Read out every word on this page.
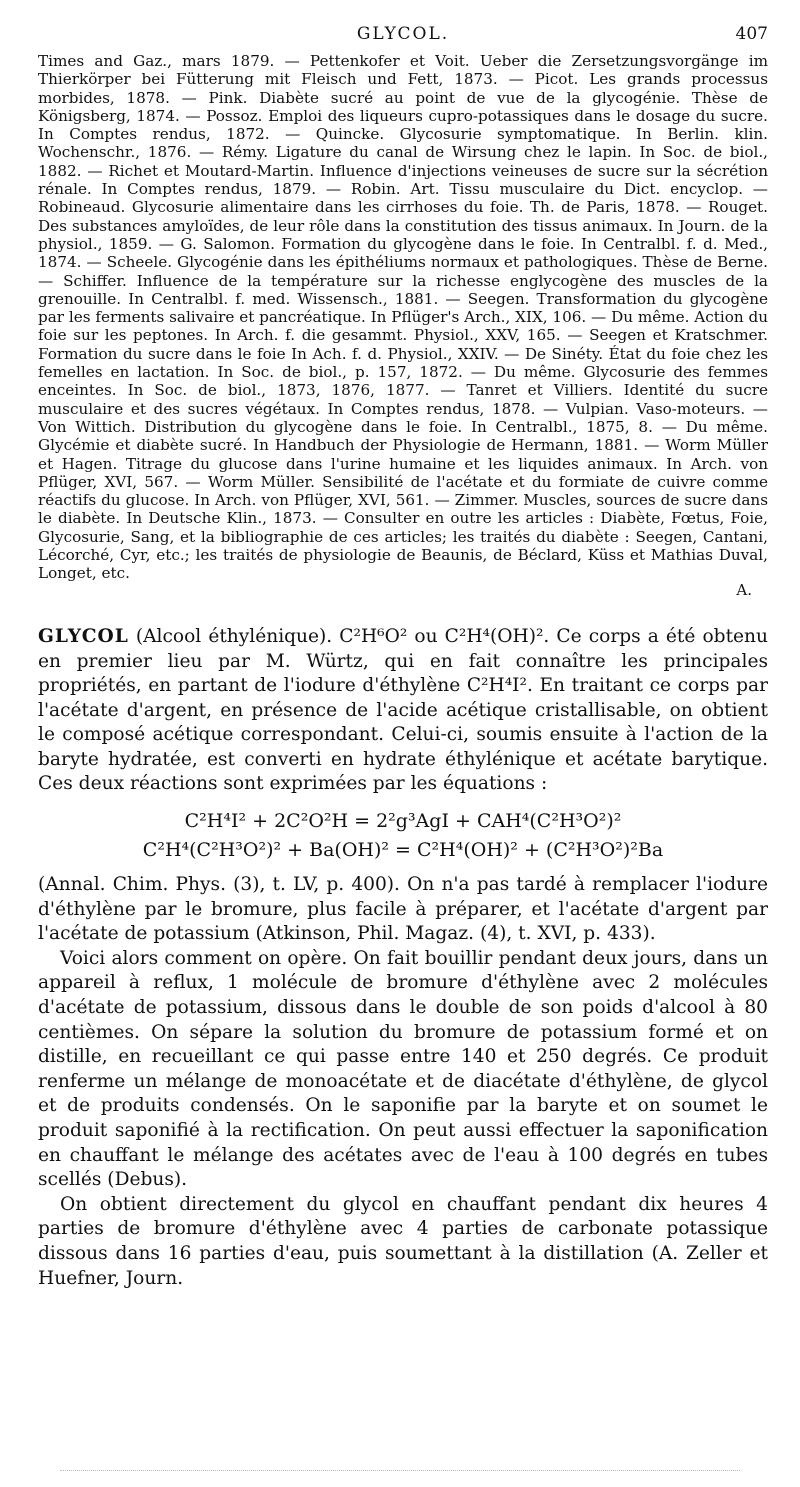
GLYCOL.	407

Times and Gaz., mars 1879. — Pettenkofer et Voit. Ueber die Zersetzungsvorgänge im Thierkörper bei Fütterung mit Fleisch und Fett, 1873. — Picot. Les grands processus morbides, 1878. — Pink. Diabète sucré au point de vue de la glycogénie. Thèse de Königsberg, 1874. — Possoz. Emploi des liqueurs cupro-potassiques dans le dosage du sucre. In Comptes rendus, 1872. — Quincke. Glycosurie symptomatique. In Berlin. klin. Wochenschr., 1876. — Rémy. Ligature du canal de Wirsung chez le lapin. In Soc. de biol., 1882. — Richet et Moutard-Martin. Influence d'injections veineuses de sucre sur la sécrétion rénale. In Comptes rendus, 1879. — Robin. Art. Tissu musculaire du Dict. encyclop. — Robineaud. Glycosurie alimentaire dans les cirrhoses du foie. Th. de Paris, 1878. — Rouget. Des substances amyloïdes, de leur rôle dans la constitution des tissus animaux. In Journ. de la physiol., 1859. — G. Salomon. Formation du glycogène dans le foie. In Centralbl. f. d. Med., 1874. — Scheele. Glycogénie dans les épithéliums normaux et pathologiques. Thèse de Berne. — Schiffer. Influence de la température sur la richesse englycogène des muscles de la grenouille. In Centralbl. f. med. Wissensch., 1881. — Seegen. Transformation du glycogène par les ferments salivaire et pancréatique. In Pflüger's Arch., XIX, 106. — Du même. Action du foie sur les peptones. In Arch. f. die gesammt. Physiol., XXV, 165. — Seegen et Kratschmer. Formation du sucre dans le foie In Ach. f. d. Physiol., XXIV. — De Sinéty. État du foie chez les femelles en lactation. In Soc. de biol., p. 157, 1872. — Du même. Glycosurie des femmes enceintes. In Soc. de biol., 1873, 1876, 1877. — Tanret et Villiers. Identité du sucre musculaire et des sucres végétaux. In Comptes rendus, 1878. — Vulpian. Vaso-moteurs. — Von Wittich. Distribution du glycogène dans le foie. In Centralbl., 1875, 8. — Du même. Glycémie et diabète sucré. In Handbuch der Physiologie de Hermann, 1881. — Worm Müller et Hagen. Titrage du glucose dans l'urine humaine et les liquides animaux. In Arch. von Pflüger, XVI, 567. — Worm Müller. Sensibilité de l'acétate et du formiate de cuivre comme réactifs du glucose. In Arch. von Pflüger, XVI, 561. — Zimmer. Muscles, sources de sucre dans le diabète. In Deutsche Klin., 1873. — Consulter en outre les articles : Diabète, Fœtus, Foie, Glycosurie, Sang, et la bibliographie de ces articles; les traités du diabète : Seegen, Cantani, Lécorché, Cyr, etc.; les traités de physiologie de Beaunis, de Béclard, Küss et Mathias Duval, Longet, etc.

A.

GLYCOL (Alcool éthylénique). C²H⁶O² ou C²H⁴(OH)². Ce corps a été obtenu en premier lieu par M. Würtz, qui en fait connaître les principales propriétés, en partant de l'iodure d'éthylène C²H⁴I². En traitant ce corps par l'acétate d'argent, en présence de l'acide acétique cristallisable, on obtient le composé acétique correspondant. Celui-ci, soumis ensuite à l'action de la baryte hydratée, est converti en hydrate éthylénique et acétate barytique. Ces deux réactions sont exprimées par les équations :

C²H⁴I² + 2C²O²H = 2²g³AgI + CAH⁴(C²H³O²)²
C²H⁴(C²H³O²)² + Ba(OH)² = C²H⁴(OH)² + (C²H³O²)²Ba

(Annal. Chim. Phys. (3), t. LV, p. 400). On n'a pas tardé à remplacer l'iodure d'éthylène par le bromure, plus facile à préparer, et l'acétate d'argent par l'acétate de potassium (Atkinson, Phil. Magaz. (4), t. XVI, p. 433).

Voici alors comment on opère. On fait bouillir pendant deux jours, dans un appareil à reflux, 1 molécule de bromure d'éthylène avec 2 molécules d'acétate de potassium, dissous dans le double de son poids d'alcool à 80 centièmes. On sépare la solution du bromure de potassium formé et on distille, en recueillant ce qui passe entre 140 et 250 degrés. Ce produit renferme un mélange de monoacétate et de diacétate d'éthylène, de glycol et de produits condensés. On le saponifie par la baryte et on soumet le produit saponifié à la rectification. On peut aussi effectuer la saponification en chauffant le mélange des acétates avec de l'eau à 100 degrés en tubes scellés (Debus).

On obtient directement du glycol en chauffant pendant dix heures 4 parties de bromure d'éthylène avec 4 parties de carbonate potassique dissous dans 16 parties d'eau, puis soumettant à la distillation (A. Zeller et Huefner, Journ.
